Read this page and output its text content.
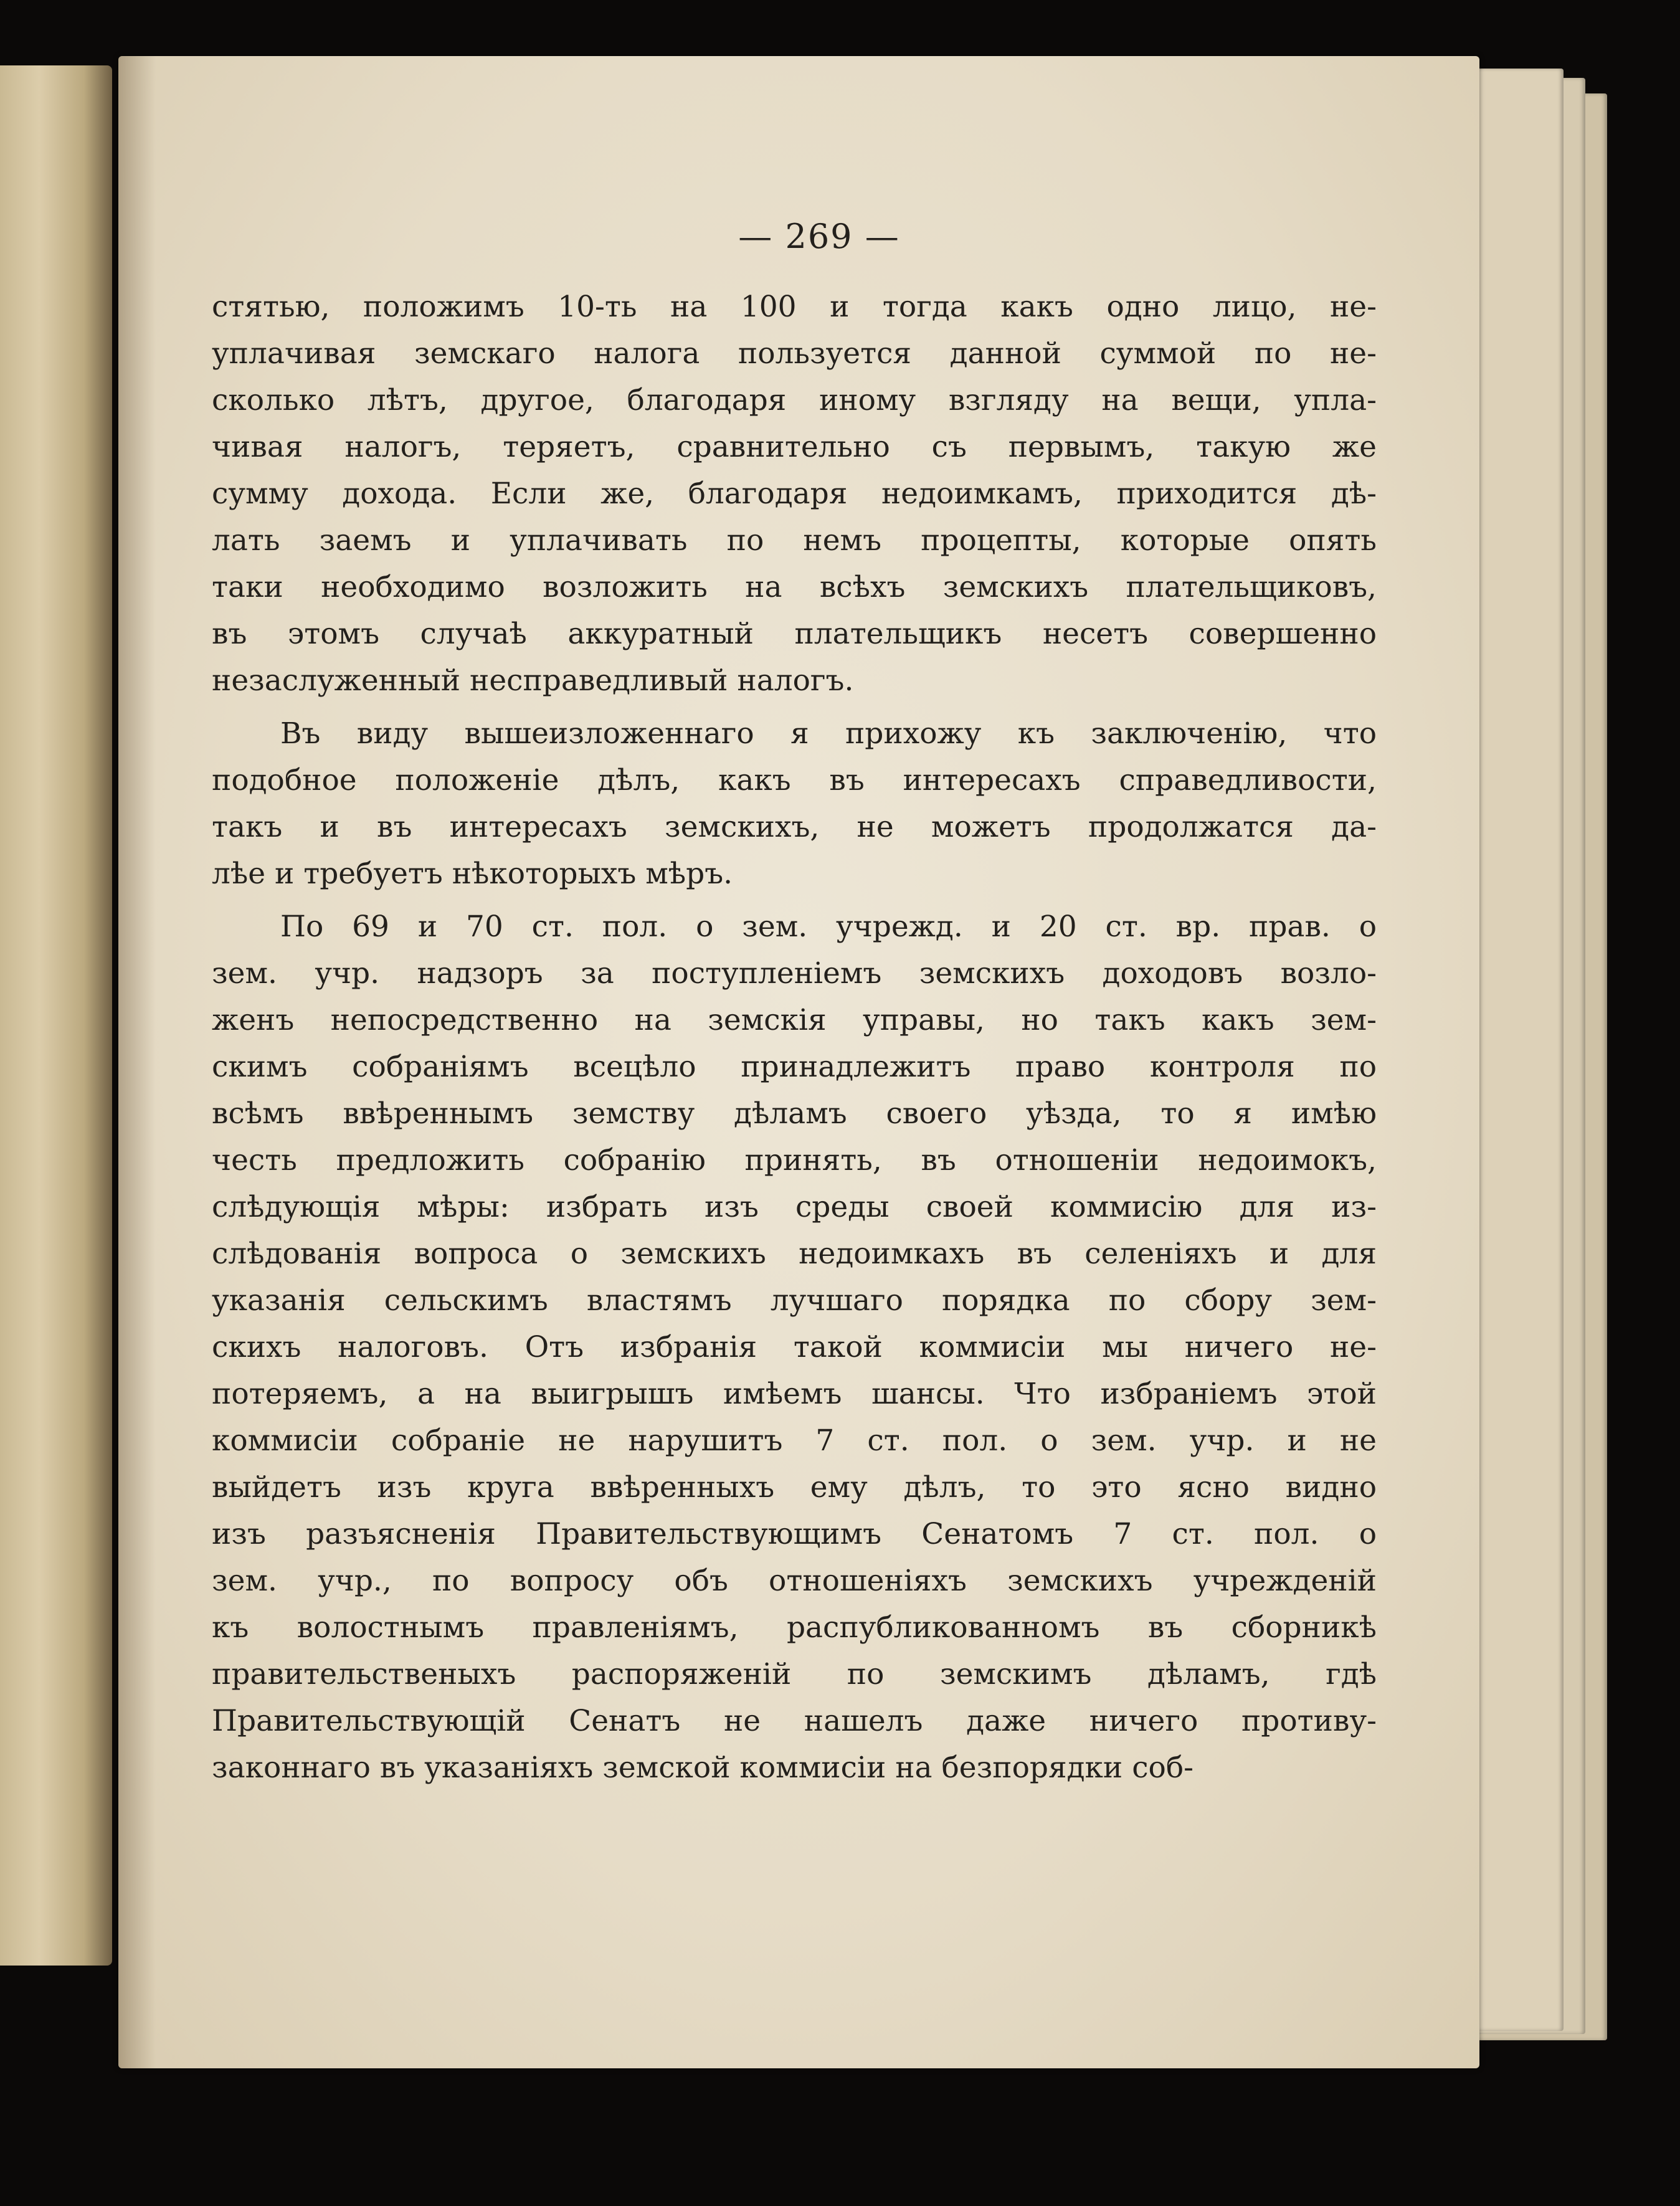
— 269 —
стятью, положимъ 10-ть на 100 и тогда какъ одно лицо, не-
уплачивая земскаго налога пользуется данной суммой по не-
сколько лѣтъ, другое, благодаря иному взгляду на вещи, упла-
чивая налогъ, теряетъ, сравнительно съ первымъ, такую же
сумму дохода. Если же, благодаря недоимкамъ, приходится дѣ-
лать заемъ и уплачивать по немъ процепты, которые опять
таки необходимо возложить на всѣхъ земскихъ плательщиковъ,
въ этомъ случаѣ аккуратный плательщикъ несетъ совершенно
незаслуженный несправедливый налогъ.
Въ виду вышеизложеннаго я прихожу къ заключенію, что
подобное положеніе дѣлъ, какъ въ интересахъ справедливости,
такъ и въ интересахъ земскихъ, не можетъ продолжатся да-
лѣе и требуетъ нѣкоторыхъ мѣръ.
По 69 и 70 ст. пол. о зем. учрежд. и 20 ст. вр. прав. о
зем. учр. надзоръ за поступленіемъ земскихъ доходовъ возло-
женъ непосредственно на земскія управы, но такъ какъ зем-
скимъ собраніямъ всецѣло принадлежитъ право контроля по
всѣмъ ввѣреннымъ земству дѣламъ своего уѣзда, то я имѣю
честь предложить собранію принять, въ отношеніи недоимокъ,
слѣдующія мѣры: избрать изъ среды своей коммисію для из-
слѣдованія вопроса о земскихъ недоимкахъ въ селеніяхъ и для
указанія сельскимъ властямъ лучшаго порядка по сбору зем-
скихъ налоговъ. Отъ избранія такой коммисіи мы ничего не-
потеряемъ, а на выигрышъ имѣемъ шансы. Что избраніемъ этой
коммисіи собраніе не нарушитъ 7 ст. пол. о зем. учр. и не
выйдетъ изъ круга ввѣренныхъ ему дѣлъ, то это ясно видно
изъ разъясненія Правительствующимъ Сенатомъ 7 ст. пол. о
зем. учр., по вопросу объ отношеніяхъ земскихъ учрежденій
къ волостнымъ правленіямъ, распубликованномъ въ сборникѣ
правительственыхъ распоряженій по земскимъ дѣламъ, гдѣ
Правительствующій Сенатъ не нашелъ даже ничего противу-
законнаго въ указаніяхъ земской коммисіи на безпорядки соб-
